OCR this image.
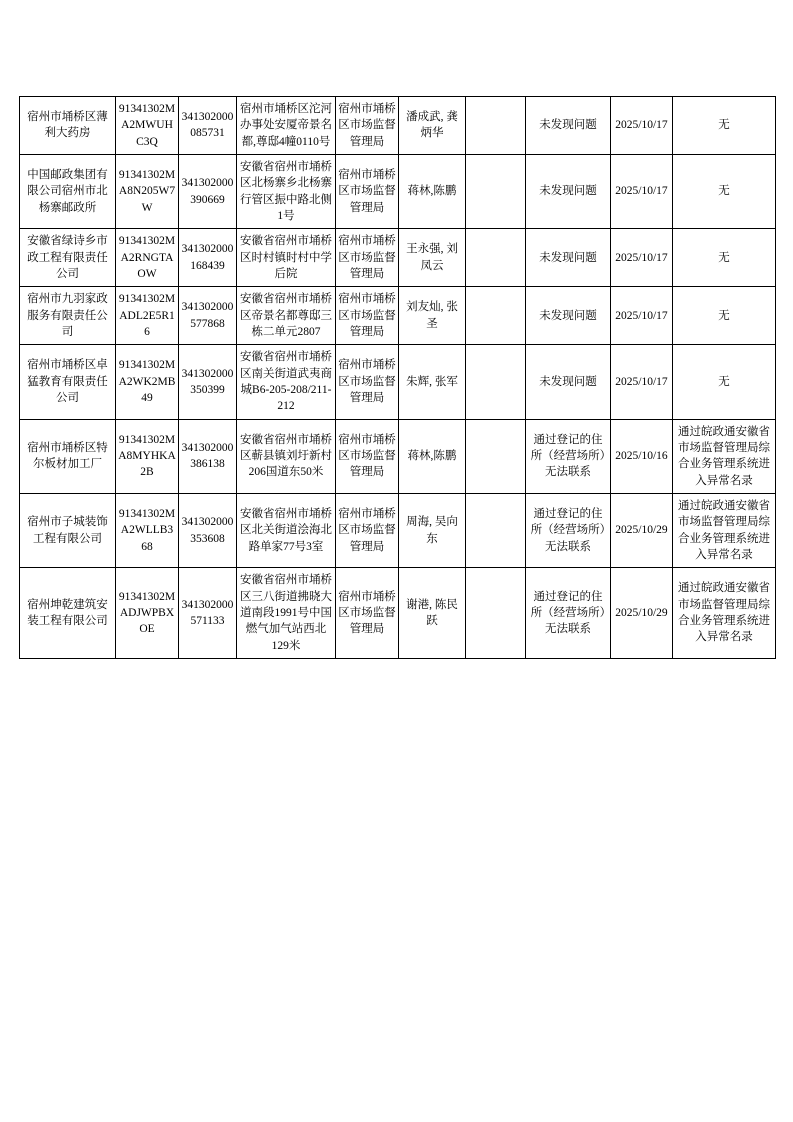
宿州市埇桥区薄利大药房	91341302MA2MWUHC3Q	341302000085731	宿州市埇桥区沱河办事处安厦帝景名都,尊邸4幢0110号	宿州市埇桥区市场监督管理局	潘成武, 龚炳华		未发现问题	2025/10/17	无
中国邮政集团有限公司宿州市北杨寨邮政所	91341302MA8N205W7W	341302000390669	安徽省宿州市埇桥区北杨寨乡北杨寨行管区振中路北侧1号	宿州市埇桥区市场监督管理局	蒋林,陈鹏		未发现问题	2025/10/17	无
安徽省绿诗乡市政工程有限责任公司	91341302MA2RNGTAOW	341302000168439	安徽省宿州市埇桥区时村镇时村中学后院	宿州市埇桥区市场监督管理局	王永强, 刘凤云		未发现问题	2025/10/17	无
宿州市九羽家政服务有限责任公司	91341302MADL2E5R16	341302000577868	安徽省宿州市埇桥区帝景名都尊邸三栋二单元2807	宿州市埇桥区市场监督管理局	刘友灿, 张圣		未发现问题	2025/10/17	无
宿州市埇桥区卓猛教育有限责任公司	91341302MA2WK2MB49	341302000350399	安徽省宿州市埇桥区南关街道武夷商城B6-205-208/211-212	宿州市埇桥区市场监督管理局	朱辉, 张军		未发现问题	2025/10/17	无
宿州市埇桥区特尔板材加工厂	91341302MA8MYHKA2B	341302000386138	安徽省宿州市埇桥区蕲县镇刘圩新村206国道东50米	宿州市埇桥区市场监督管理局	蒋林,陈鹏		通过登记的住所（经营场所）无法联系	2025/10/16	通过皖政通安徽省市场监督管理局综合业务管理系统进入异常名录
宿州市子城装饰工程有限公司	91341302MA2WLLB368	341302000353608	安徽省宿州市埇桥区北关街道浍海北路单家77号3室	宿州市埇桥区市场监督管理局	周海, 吴向东		通过登记的住所（经营场所）无法联系	2025/10/29	通过皖政通安徽省市场监督管理局综合业务管理系统进入异常名录
宿州坤乾建筑安装工程有限公司	91341302MADJWPBXOE	341302000571133	安徽省宿州市埇桥区三八街道拂晓大道南段1991号中国燃气加气站西北129米	宿州市埇桥区市场监督管理局	谢港, 陈民跃		通过登记的住所（经营场所）无法联系	2025/10/29	通过皖政通安徽省市场监督管理局综合业务管理系统进入异常名录
